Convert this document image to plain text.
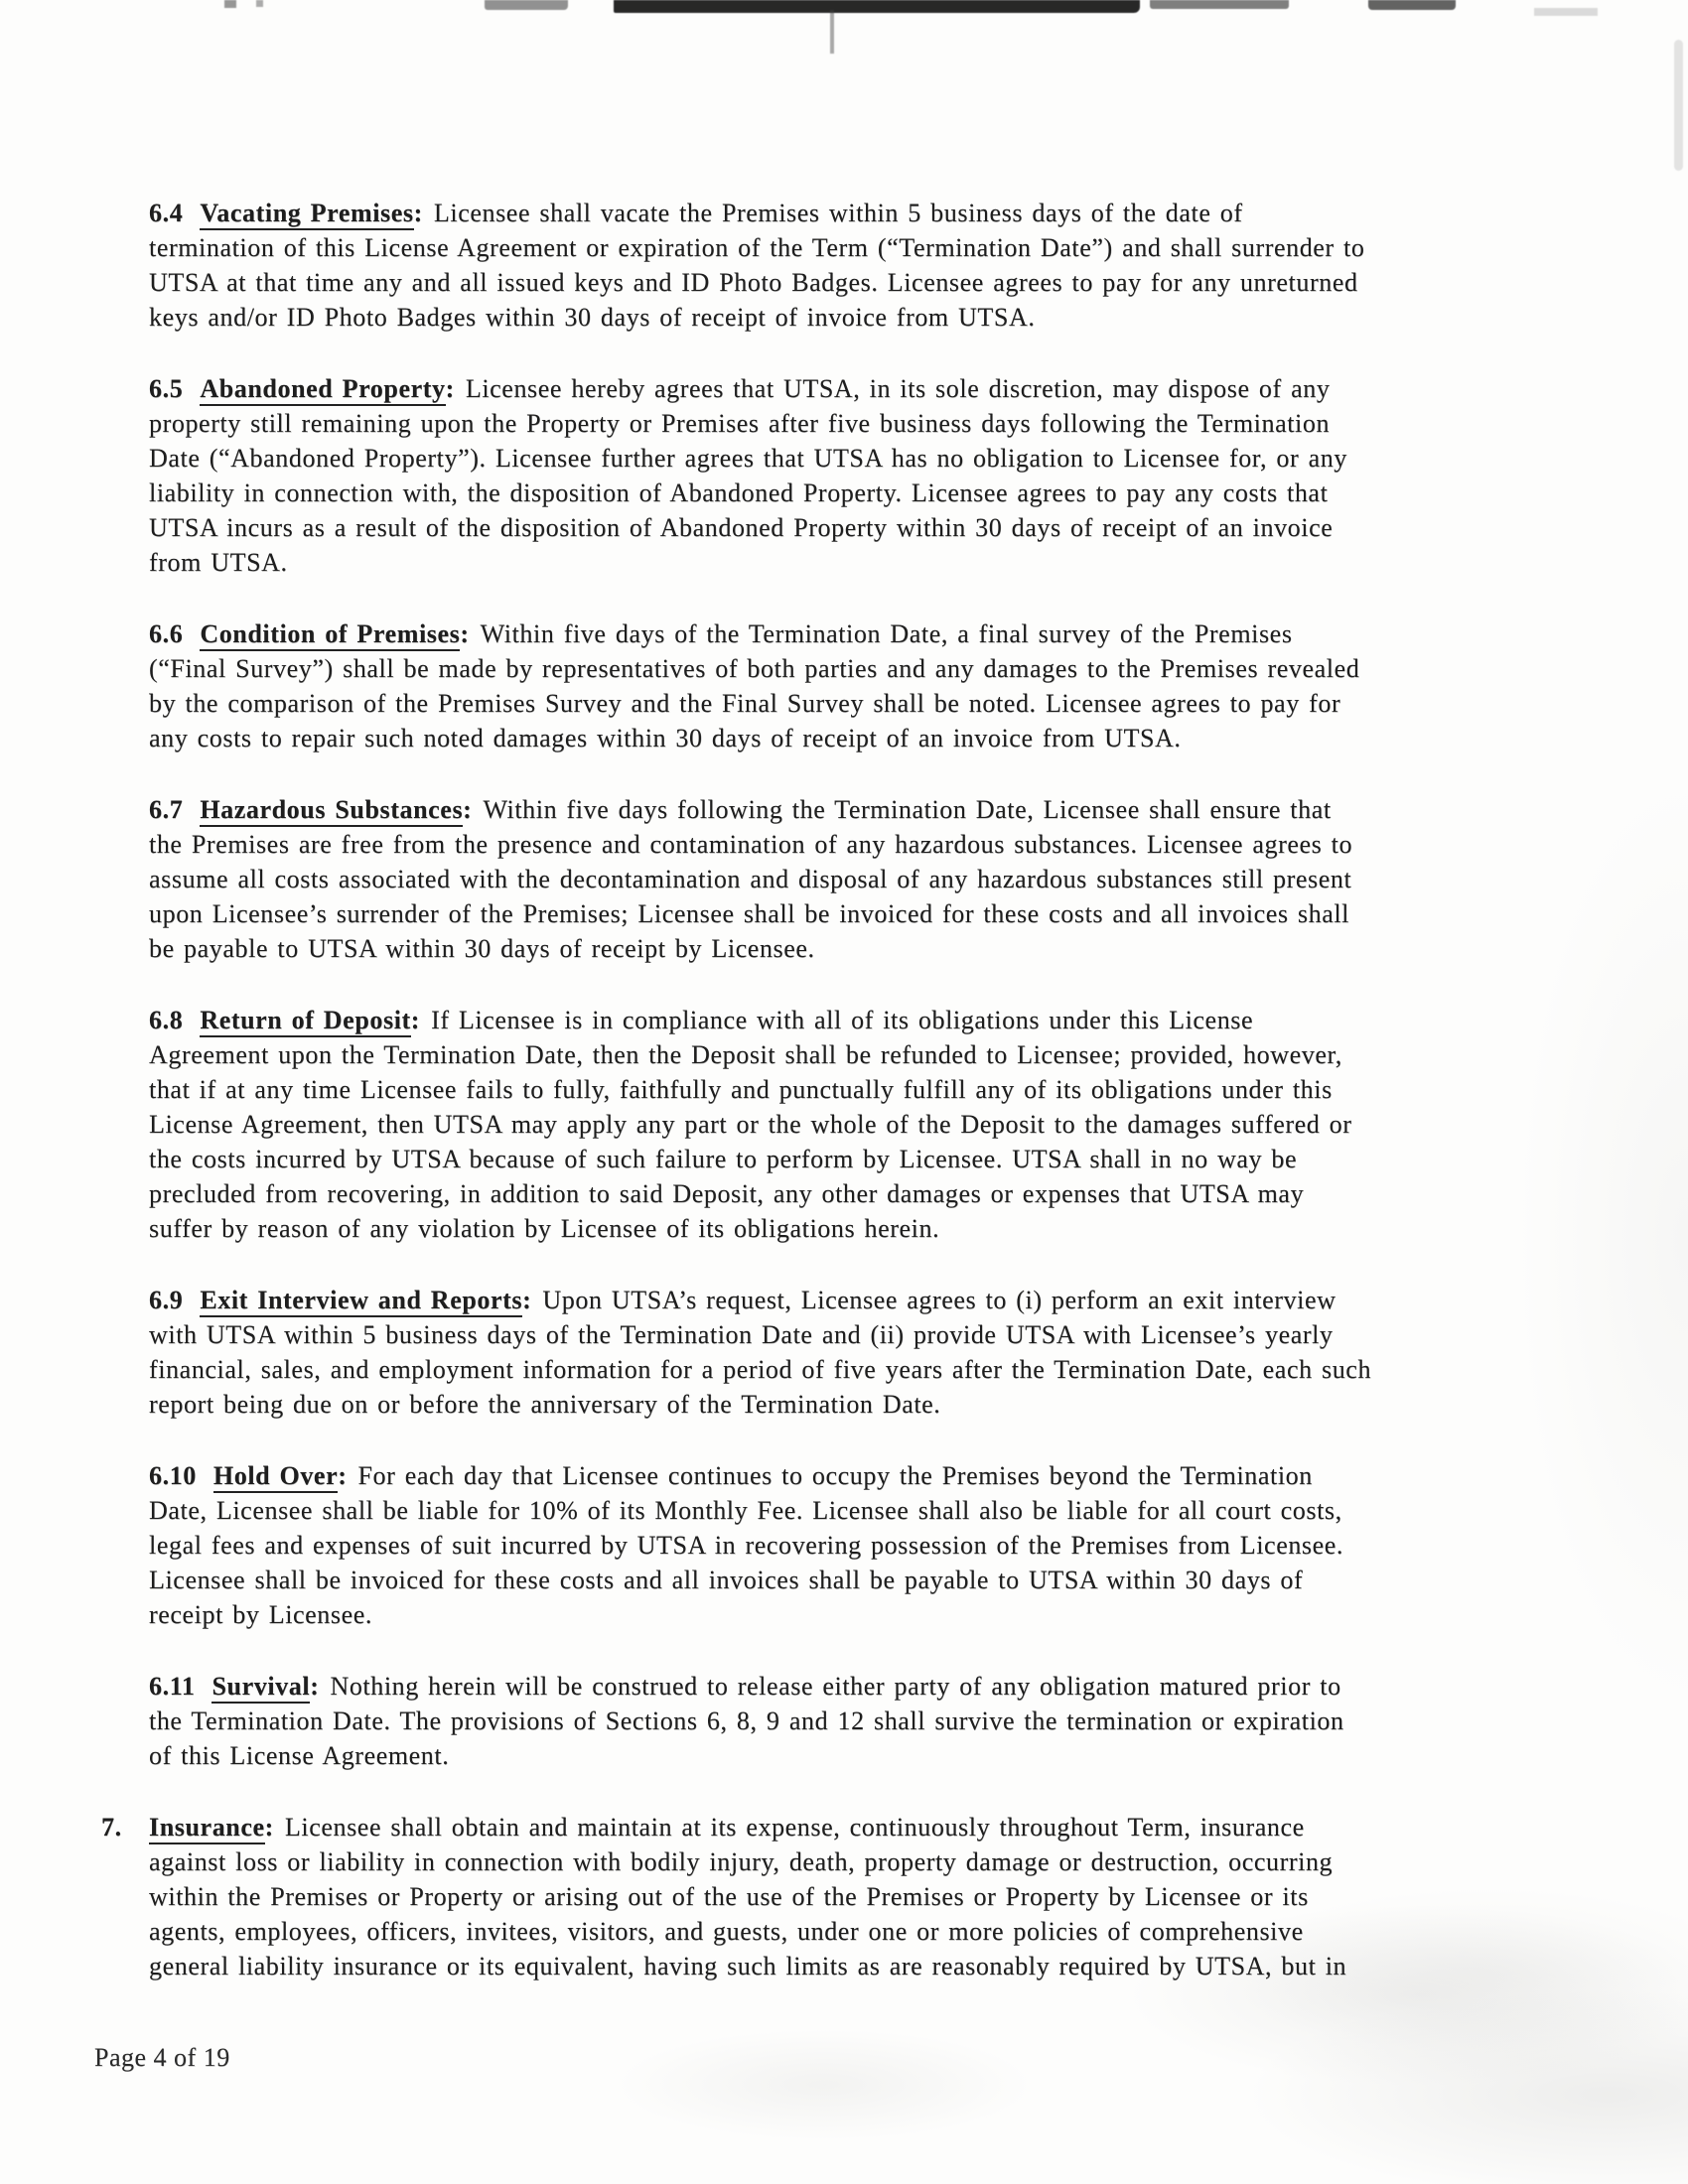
6.4 Vacating Premises: Licensee shall vacate the Premises within 5 business days of the date of
termination of this License Agreement or expiration of the Term (“Termination Date”) and shall surrender to
UTSA at that time any and all issued keys and ID Photo Badges. Licensee agrees to pay for any unreturned
keys and/or ID Photo Badges within 30 days of receipt of invoice from UTSA.
6.5 Abandoned Property: Licensee hereby agrees that UTSA, in its sole discretion, may dispose of any
property still remaining upon the Property or Premises after five business days following the Termination
Date (“Abandoned Property”). Licensee further agrees that UTSA has no obligation to Licensee for, or any
liability in connection with, the disposition of Abandoned Property. Licensee agrees to pay any costs that
UTSA incurs as a result of the disposition of Abandoned Property within 30 days of receipt of an invoice
from UTSA.
6.6 Condition of Premises: Within five days of the Termination Date, a final survey of the Premises
(“Final Survey”) shall be made by representatives of both parties and any damages to the Premises revealed
by the comparison of the Premises Survey and the Final Survey shall be noted. Licensee agrees to pay for
any costs to repair such noted damages within 30 days of receipt of an invoice from UTSA.
6.7 Hazardous Substances: Within five days following the Termination Date, Licensee shall ensure that
the Premises are free from the presence and contamination of any hazardous substances. Licensee agrees to
assume all costs associated with the decontamination and disposal of any hazardous substances still present
upon Licensee’s surrender of the Premises; Licensee shall be invoiced for these costs and all invoices shall
be payable to UTSA within 30 days of receipt by Licensee.
6.8 Return of Deposit: If Licensee is in compliance with all of its obligations under this License
Agreement upon the Termination Date, then the Deposit shall be refunded to Licensee; provided, however,
that if at any time Licensee fails to fully, faithfully and punctually fulfill any of its obligations under this
License Agreement, then UTSA may apply any part or the whole of the Deposit to the damages suffered or
the costs incurred by UTSA because of such failure to perform by Licensee. UTSA shall in no way be
precluded from recovering, in addition to said Deposit, any other damages or expenses that UTSA may
suffer by reason of any violation by Licensee of its obligations herein.
6.9 Exit Interview and Reports: Upon UTSA’s request, Licensee agrees to (i) perform an exit interview
with UTSA within 5 business days of the Termination Date and (ii) provide UTSA with Licensee’s yearly
financial, sales, and employment information for a period of five years after the Termination Date, each such
report being due on or before the anniversary of the Termination Date.
6.10 Hold Over: For each day that Licensee continues to occupy the Premises beyond the Termination
Date, Licensee shall be liable for 10% of its Monthly Fee. Licensee shall also be liable for all court costs,
legal fees and expenses of suit incurred by UTSA in recovering possession of the Premises from Licensee.
Licensee shall be invoiced for these costs and all invoices shall be payable to UTSA within 30 days of
receipt by Licensee.
6.11 Survival: Nothing herein will be construed to release either party of any obligation matured prior to
the Termination Date. The provisions of Sections 6, 8, 9 and 12 shall survive the termination or expiration
of this License Agreement.
7. Insurance: Licensee shall obtain and maintain at its expense, continuously throughout Term, insurance
against loss or liability in connection with bodily injury, death, property damage or destruction, occurring
within the Premises or Property or arising out of the use of the Premises or Property by Licensee or its
agents, employees, officers, invitees, visitors, and guests, under one or more policies of comprehensive
general liability insurance or its equivalent, having such limits as are reasonably required by UTSA, but in
Page 4 of 19
